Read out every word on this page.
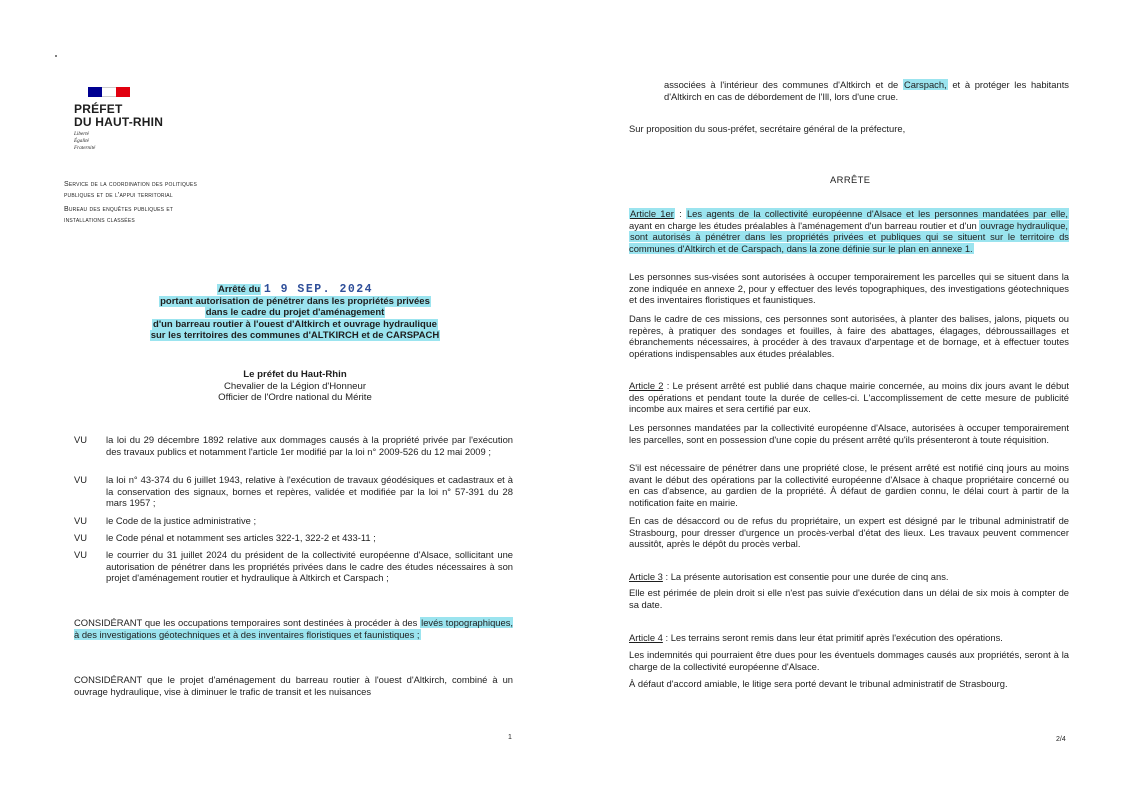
PRÉFET
DU HAUT-RHIN
Liberté
Égalité
Fraternité
Service de la coordination des politiques
publiques et de l'appui territorial
Bureau des enquêtes publiques et
installations classées
Arrêté du 1 9 SEP. 2024
portant autorisation de pénétrer dans les propriétés privées
dans le cadre du projet d'aménagement
d'un barreau routier à l'ouest d'Altkirch et ouvrage hydraulique
sur les territoires des communes d'ALTKIRCH et de CARSPACH
Le préfet du Haut-Rhin
Chevalier de la Légion d'Honneur
Officier de l'Ordre national du Mérite
VU la loi du 29 décembre 1892 relative aux dommages causés à la propriété privée par l'exécution des travaux publics et notamment l'article 1er modifié par la loi n° 2009-526 du 12 mai 2009 ;
VU la loi n° 43-374 du 6 juillet 1943, relative à l'exécution de travaux géodésiques et cadastraux et à la conservation des signaux, bornes et repères, validée et modifiée par la loi n° 57-391 du 28 mars 1957 ;
VU le Code de la justice administrative ;
VU le Code pénal et notamment ses articles 322-1, 322-2 et 433-11 ;
VU le courrier du 31 juillet 2024 du président de la collectivité européenne d'Alsace, sollicitant une autorisation de pénétrer dans les propriétés privées dans le cadre des études nécessaires à son projet d'aménagement routier et hydraulique à Altkirch et Carspach ;
CONSIDÉRANT que les occupations temporaires sont destinées à procéder à des levés topographiques, à des investigations géotechniques et à des inventaires floristiques et faunistiques ;
CONSIDÉRANT que le projet d'aménagement du barreau routier à l'ouest d'Altkirch, combiné à un ouvrage hydraulique, vise à diminuer le trafic de transit et les nuisances
1
associées à l'intérieur des communes d'Altkirch et de Carspach, et à protéger les habitants d'Altkirch en cas de débordement de l'Ill, lors d'une crue.
Sur proposition du sous-préfet, secrétaire général de la préfecture,
ARRÊTE
Article 1er : Les agents de la collectivité européenne d'Alsace et les personnes mandatées par elle, ayant en charge les études préalables à l'aménagement d'un barreau routier et d'un ouvrage hydraulique, sont autorisés à pénétrer dans les propriétés privées et publiques qui se situent sur le territoire ds communes d'Altkirch et de Carspach, dans la zone définie sur le plan en annexe 1.
Les personnes sus-visées sont autorisées à occuper temporairement les parcelles qui se situent dans la zone indiquée en annexe 2, pour y effectuer des levés topographiques, des investigations géotechniques et des inventaires floristiques et faunistiques.
Dans le cadre de ces missions, ces personnes sont autorisées, à planter des balises, jalons, piquets ou repères, à pratiquer des sondages et fouilles, à faire des abattages, élagages, débroussaillages et ébranchements nécessaires, à procéder à des travaux d'arpentage et de bornage, et à effectuer toutes opérations indispensables aux études préalables.
Article 2 : Le présent arrêté est publié dans chaque mairie concernée, au moins dix jours avant le début des opérations et pendant toute la durée de celles-ci. L'accomplissement de cette mesure de publicité incombe aux maires et sera certifié par eux.
Les personnes mandatées par la collectivité européenne d'Alsace, autorisées à occuper temporairement les parcelles, sont en possession d'une copie du présent arrêté qu'ils présenteront à toute réquisition.
S'il est nécessaire de pénétrer dans une propriété close, le présent arrêté est notifié cinq jours au moins avant le début des opérations par la collectivité européenne d'Alsace à chaque propriétaire concerné ou en cas d'absence, au gardien de la propriété. À défaut de gardien connu, le délai court à partir de la notification faite en mairie.
En cas de désaccord ou de refus du propriétaire, un expert est désigné par le tribunal administratif de Strasbourg, pour dresser d'urgence un procès-verbal d'état des lieux. Les travaux peuvent commencer aussitôt, après le dépôt du procès verbal.
Article 3 : La présente autorisation est consentie pour une durée de cinq ans.
Elle est périmée de plein droit si elle n'est pas suivie d'exécution dans un délai de six mois à compter de sa date.
Article 4 : Les terrains seront remis dans leur état primitif après l'exécution des opérations.
Les indemnités qui pourraient être dues pour les éventuels dommages causés aux propriétés, seront à la charge de la collectivité européenne d'Alsace.
À défaut d'accord amiable, le litige sera porté devant le tribunal administratif de Strasbourg.
2/4
